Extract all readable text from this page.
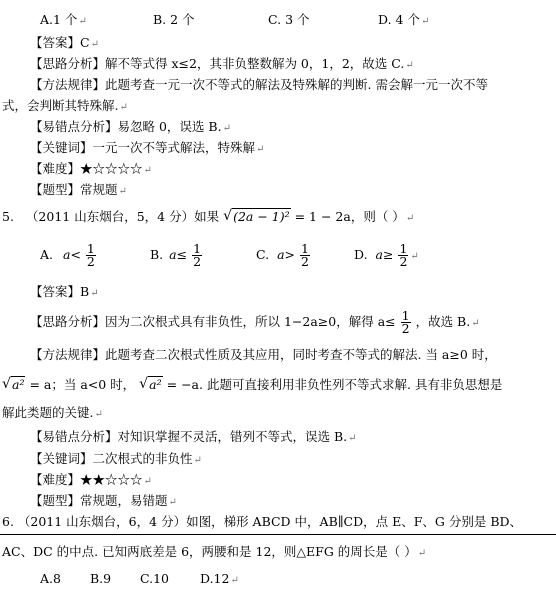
A.1 个↵	B. 2 个	C. 3 个	D. 4 个↵
【答案】C↵
【思路分析】解不等式得 x≤2，其非负整数解为 0，1，2，故选 C.↵
【方法规律】此题考查一元一次不等式的解法及特殊解的判断. 需会解一元一次不等
式，会判断其特殊解.↵
【易错点分析】易忽略 0，误选 B.↵
【关键词】一元一次不等式解法，特殊解↵
【难度】★☆☆☆☆↵
【题型】常规题↵
5. （2011 山东烟台，5，4 分）如果 √ (2a − 1)² = 1 − 2a，则（ ）↵
A. $a< \frac{1}{2}$	B. $a\le \frac{1}{2}$	C. $a> \frac{1}{2}$	D. $a\ge \frac{1}{2}$ ↵
【答案】B↵
【思路分析】因为二次根式具有非负性，所以 1−2a≥0，解得 $a\le \frac{1}{2}$ ，故选 B.↵
【方法规律】此题考查二次根式性质及其应用，同时考查不等式的解法. 当 a≥0 时，
√ a² = a；当 a<0 时， √ a² = −a. 此题可直接利用非负性列不等式求解. 具有非负思想是
解此类题的关键.↵
【易错点分析】对知识掌握不灵活，错列不等式，误选 B.↵
【关键词】二次根式的非负性↵
【难度】★★☆☆☆↵
【题型】常规题，易错题↵
6. （2011 山东烟台，6，4 分）如图，梯形 ABCD 中，AB∥CD，点 E、F、G 分别是 BD、
AC、DC 的中点. 已知两底差是 6，两腰和是 12，则△EFG 的周长是（ ）↵
A.8 B.9 C.10 D.12↵
